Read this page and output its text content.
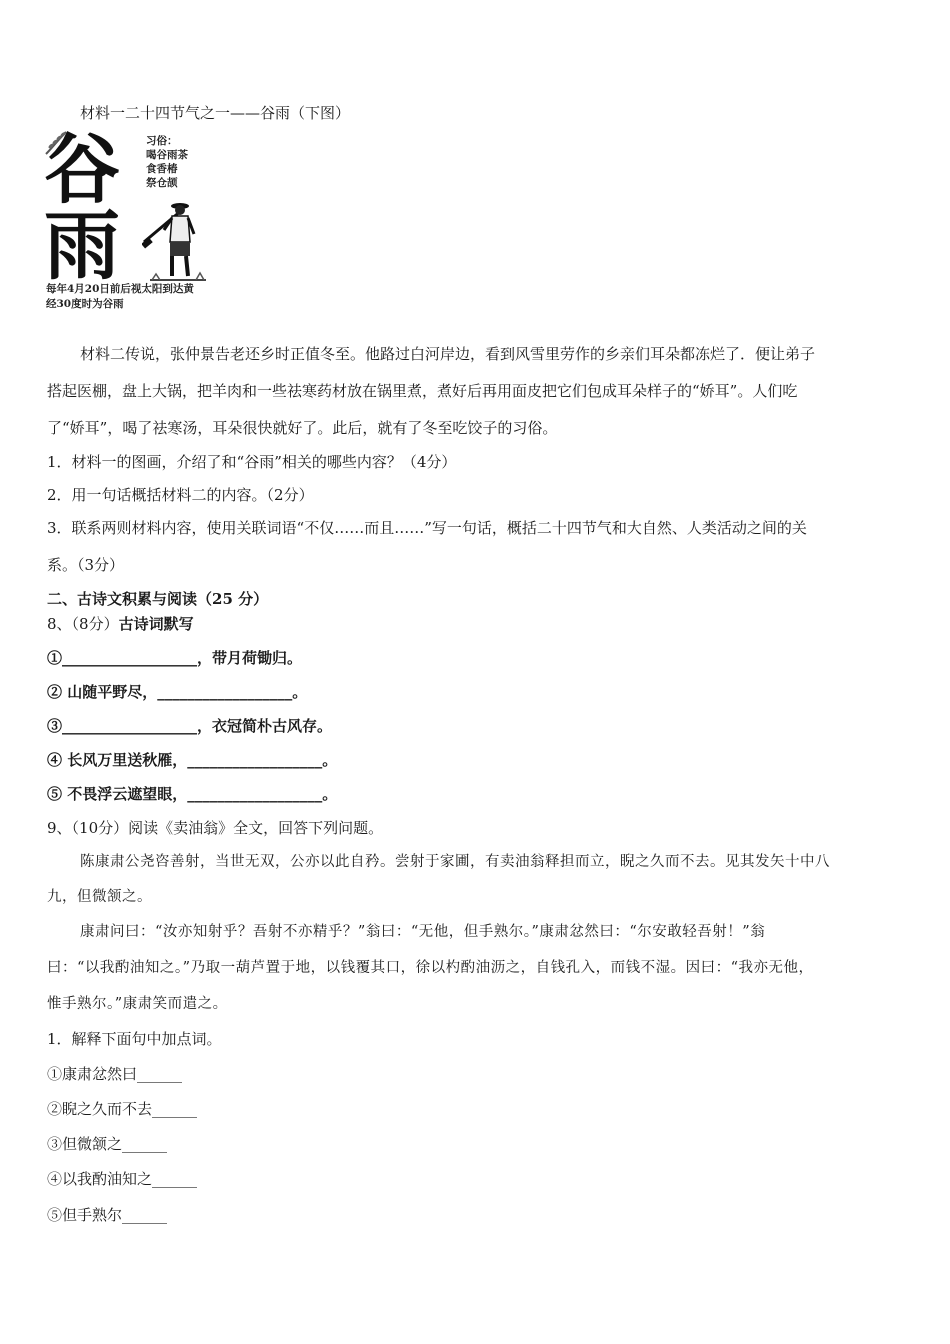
材料一二十四节气之一——谷雨（下图）
谷
雨
习俗：
喝谷雨茶
食香椿
祭仓颉
每年4月20日前后视太阳到达黄
经30度时为谷雨
材料二传说，张仲景告老还乡时正值冬至。他路过白河岸边，看到风雪里劳作的乡亲们耳朵都冻烂了．便让弟子
搭起医棚，盘上大锅，把羊肉和一些祛寒药材放在锅里煮，煮好后再用面皮把它们包成耳朵样子的“娇耳”。人们吃
了“娇耳”，喝了祛寒汤，耳朵很快就好了。此后，就有了冬至吃饺子的习俗。
1．材料一的图画，介绍了和“谷雨”相关的哪些内容？（4分）
2．用一句话概括材料二的内容。（2分）
3．联系两则材料内容，使用关联词语“不仅……而且……”写一句话，概括二十四节气和大自然、人类活动之间的关
系。（3分）
二、古诗文积累与阅读（25 分）
8、（8分）古诗词默写
①__________________，带月荷锄归。
② 山随平野尽，__________________。
③__________________，衣冠简朴古风存。
④ 长风万里送秋雁，__________________。
⑤ 不畏浮云遮望眼，__________________。
9、（10分）阅读《卖油翁》全文，回答下列问题。
陈康肃公尧咨善射，当世无双，公亦以此自矜。尝射于家圃，有卖油翁释担而立，睨之久而不去。见其发矢十中八
九，但微颔之。
康肃问曰：“汝亦知射乎？吾射不亦精乎？”翁曰：“无他，但手熟尔。”康肃忿然曰：“尔安敢轻吾射！”翁
曰：“以我酌油知之。”乃取一葫芦置于地，以钱覆其口，徐以杓酌油沥之，自钱孔入，而钱不湿。因曰：“我亦无他，
惟手熟尔。”康肃笑而遣之。
1．解释下面句中加点词。
①康肃忿然曰______
②睨之久而不去______
③但微颔之______
④以我酌油知之______
⑤但手熟尔______
